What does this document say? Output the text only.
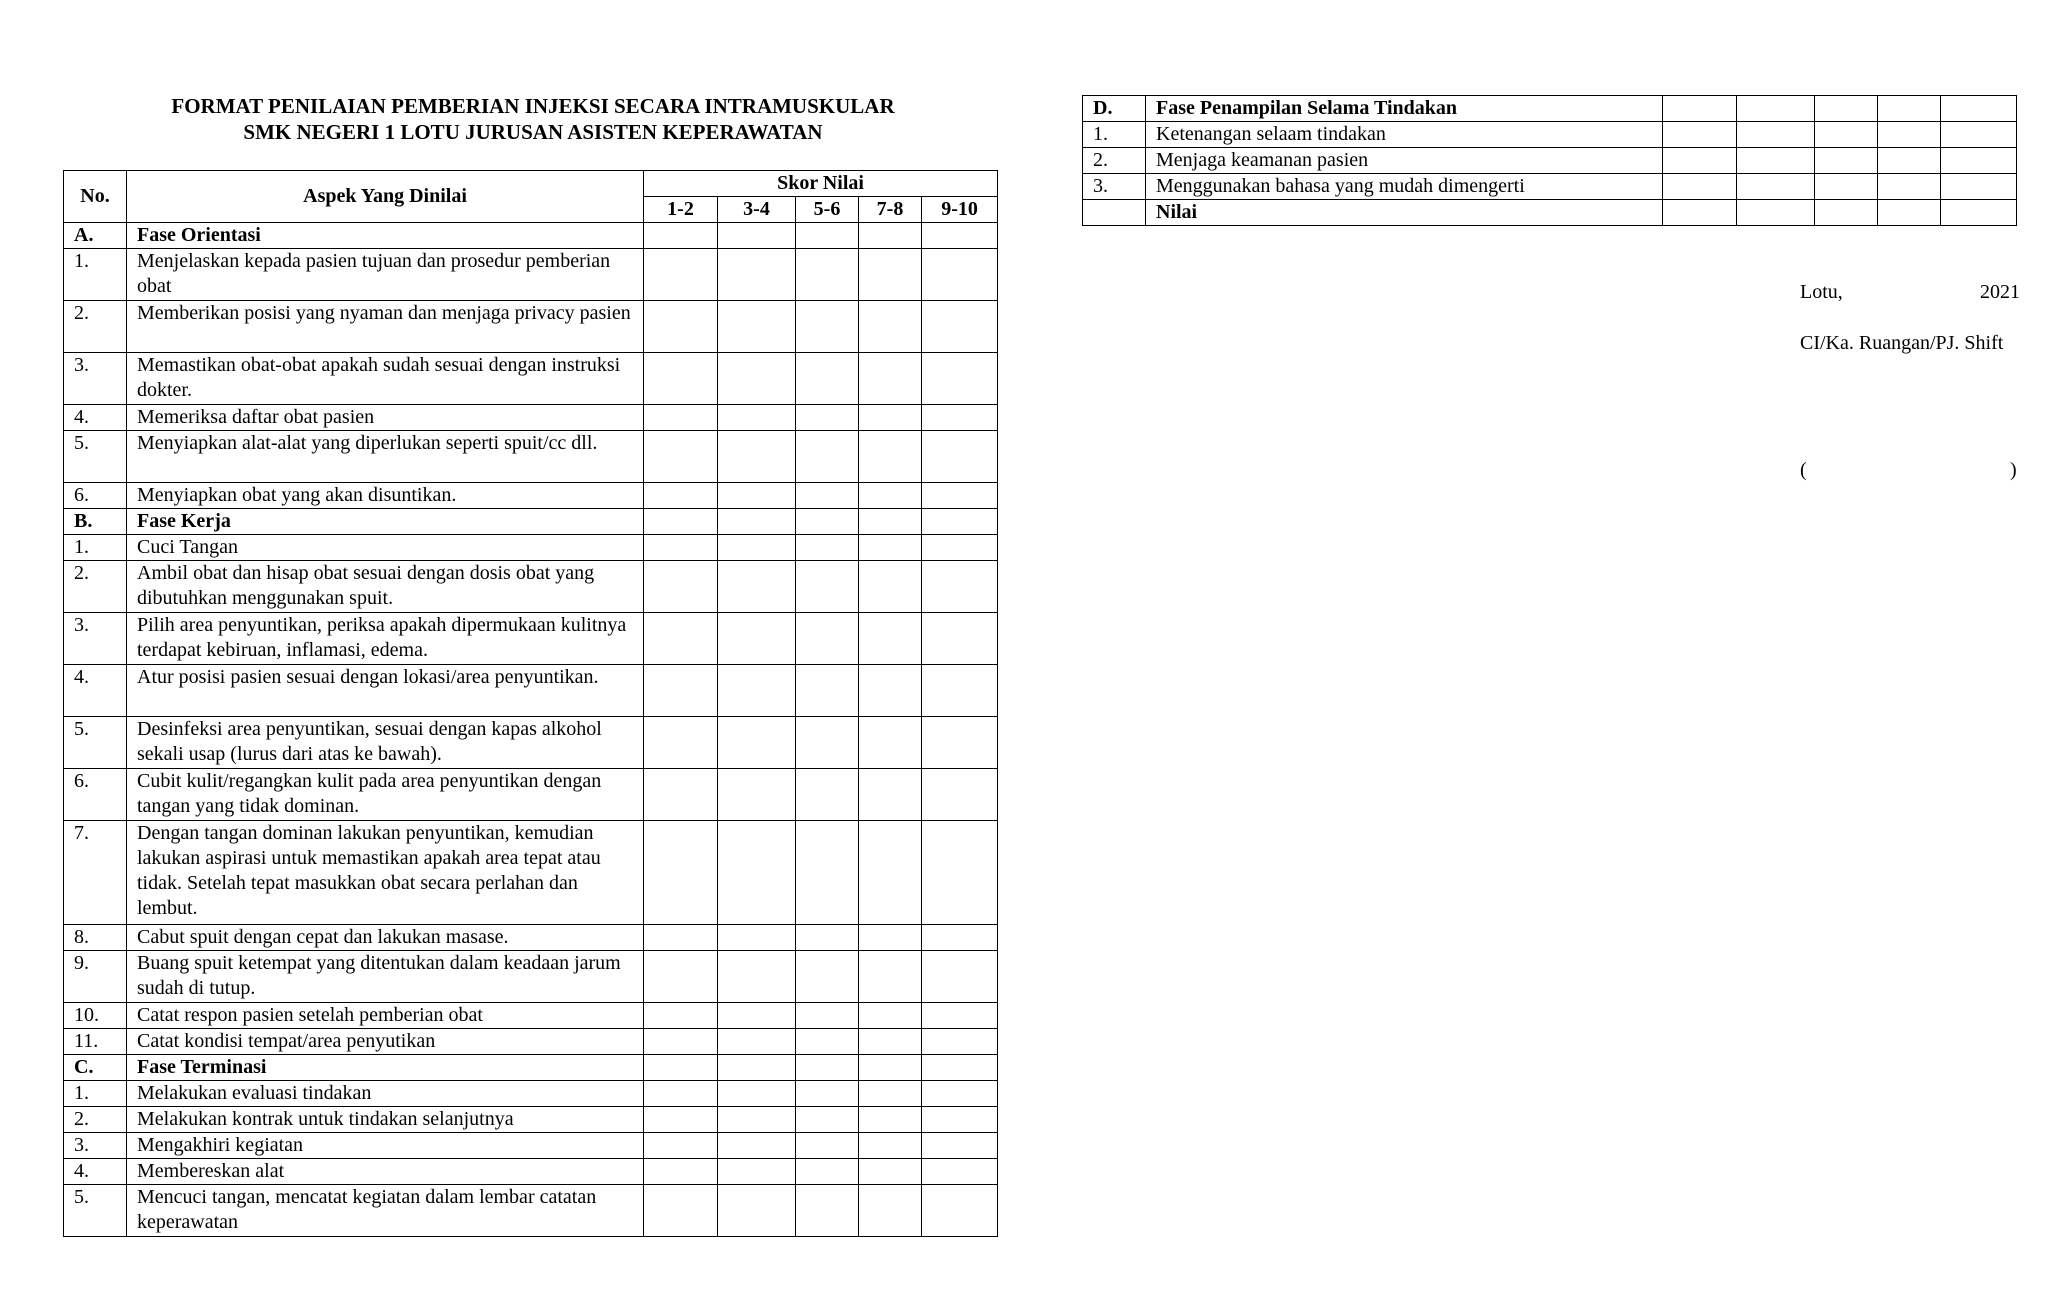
FORMAT PENILAIAN PEMBERIAN INJEKSI SECARA INTRAMUSKULAR
SMK NEGERI 1 LOTU JURUSAN ASISTEN KEPERAWATAN
No.	Aspek Yang Dinilai	Skor Nilai				
		1-2	3-4	5-6	7-8	9-10
A.	Fase Orientasi					
1.	Menjelaskan kepada pasien tujuan dan prosedur pemberian obat					
2.	Memberikan posisi yang nyaman dan menjaga privacy pasien					
3.	Memastikan obat-obat apakah sudah sesuai dengan instruksi dokter.					
4.	Memeriksa daftar obat pasien					
5.	Menyiapkan alat-alat yang diperlukan seperti spuit/cc dll.					
6.	Menyiapkan obat yang akan disuntikan.					
B.	Fase Kerja					
1.	Cuci Tangan					
2.	Ambil obat dan hisap obat sesuai dengan dosis obat yang dibutuhkan menggunakan spuit.					
3.	Pilih area penyuntikan, periksa apakah dipermukaan kulitnya terdapat kebiruan, inflamasi, edema.					
4.	Atur posisi pasien sesuai dengan lokasi/area penyuntikan.					
5.	Desinfeksi area penyuntikan, sesuai dengan kapas alkohol sekali usap (lurus dari atas ke bawah).					
6.	Cubit kulit/regangkan kulit pada area penyuntikan dengan tangan yang tidak dominan.					
7.	Dengan tangan dominan lakukan penyuntikan, kemudian lakukan aspirasi untuk memastikan apakah area tepat atau tidak. Setelah tepat masukkan obat secara perlahan dan lembut.					
8.	Cabut spuit dengan cepat dan lakukan masase.					
9.	Buang spuit ketempat yang ditentukan dalam keadaan jarum sudah di tutup.					
10.	Catat respon pasien setelah pemberian obat					
11.	Catat kondisi tempat/area penyutikan					
C.	Fase Terminasi					
1.	Melakukan evaluasi tindakan					
2.	Melakukan kontrak untuk tindakan selanjutnya					
3.	Mengakhiri kegiatan					
4.	Membereskan alat					
5.	Mencuci tangan, mencatat kegiatan dalam lembar catatan keperawatan					
D.	Fase Penampilan Selama Tindakan					
1.	Ketenangan selaam tindakan					
2.	Menjaga keamanan pasien					
3.	Menggunakan bahasa yang mudah dimengerti					
	Nilai					
Lotu,	2021
CI/Ka. Ruangan/PJ. Shift
(	)
